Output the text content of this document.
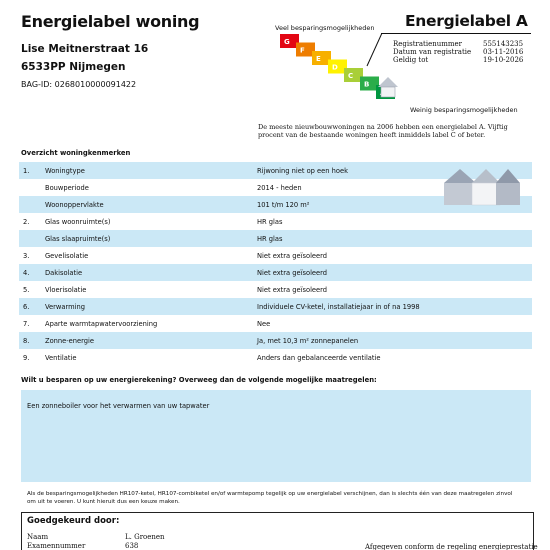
Energielabel woning
Lise Meitnerstraat 16
6533PP Nijmegen
BAG-ID: 0268010000091422
Veel besparingsmogelijkheden
G
F
E
D
C
B
Weinig besparingsmogelijkheden
Energielabel A
Registratienummer	555143235
Datum van registratie 03-11-2016
Geldig tot	19-10-2026
De meeste nieuwbouwwoningen na 2006 hebben een energielabel A. Vijftig procent van de bestaande woningen heeft inmiddels label C of beter.
Overzicht woningkenmerken
1.	Woningtype	Rijwoning niet op een hoek
Bouwperiode	2014 - heden
Woonoppervlakte	101 t/m 120 m²
2.	Glas woonruimte(s)	HR glas
Glas slaapruimte(s)	HR glas
3.	Gevelisolatie	Niet extra geïsoleerd
4.	Dakisolatie	Niet extra geïsoleerd
5.	Vloerisolatie	Niet extra geïsoleerd
6.	Verwarming	Individuele CV-ketel, installatiejaar in of na 1998
7.	Aparte warmtapwatervoorziening	Nee
8.	Zonne-energie	Ja, met 10,3 m² zonnepanelen
9.	Ventilatie	Anders dan gebalanceerde ventilatie
Wilt u besparen op uw energierekening? Overweeg dan de volgende mogelijke maatregelen:
Een zonneboiler voor het verwarmen van uw tapwater
Als de besparingsmogelijkheden HR107-ketel, HR107-combiketel en/of warmtepomp tegelijk op uw energielabel verschijnen, dan is slechts één van deze maatregelen zinvol om uit te voeren. U kunt hieruit dus een keuze maken.
Goedgekeurd door:
Naam	L. Groenen
Examennummer	638	Afgegeven conform de regeling energieprestatie
